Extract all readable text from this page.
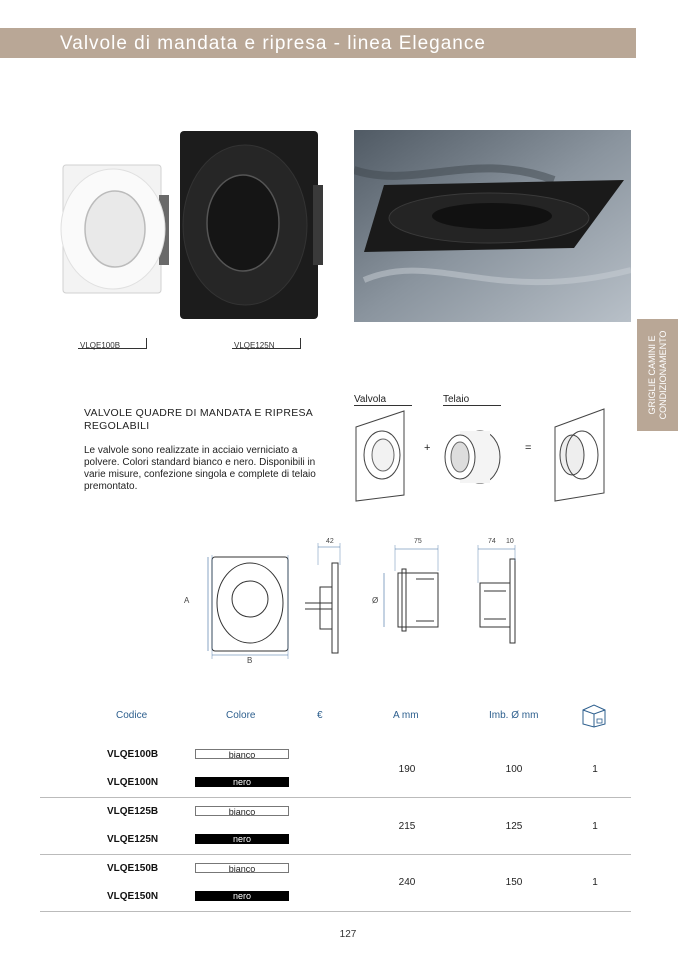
Valvole di mandata e ripresa - linea Elegance
GRIGLIE CAMINI E CONDIZIONAMENTO
VLQE100B	VLQE125N
VALVOLE QUADRE DI MANDATA E RIPRESA REGOLABILI
Le valvole sono realizzate in acciaio verniciato a polvere. Colori standard bianco e nero. Disponibili in varie misure, confezione singola e complete di telaio premontato.
Valvola	Telaio
+	=
42	75	74 10
A
B
Ø
Codice	Colore	€	A mm	Imb. Ø mm
VLQE100B	bianco
VLQE100N	nero
190	100	1
VLQE125B	bianco
VLQE125N	nero
215	125	1
VLQE150B	bianco
VLQE150N	nero
240	150	1
127
